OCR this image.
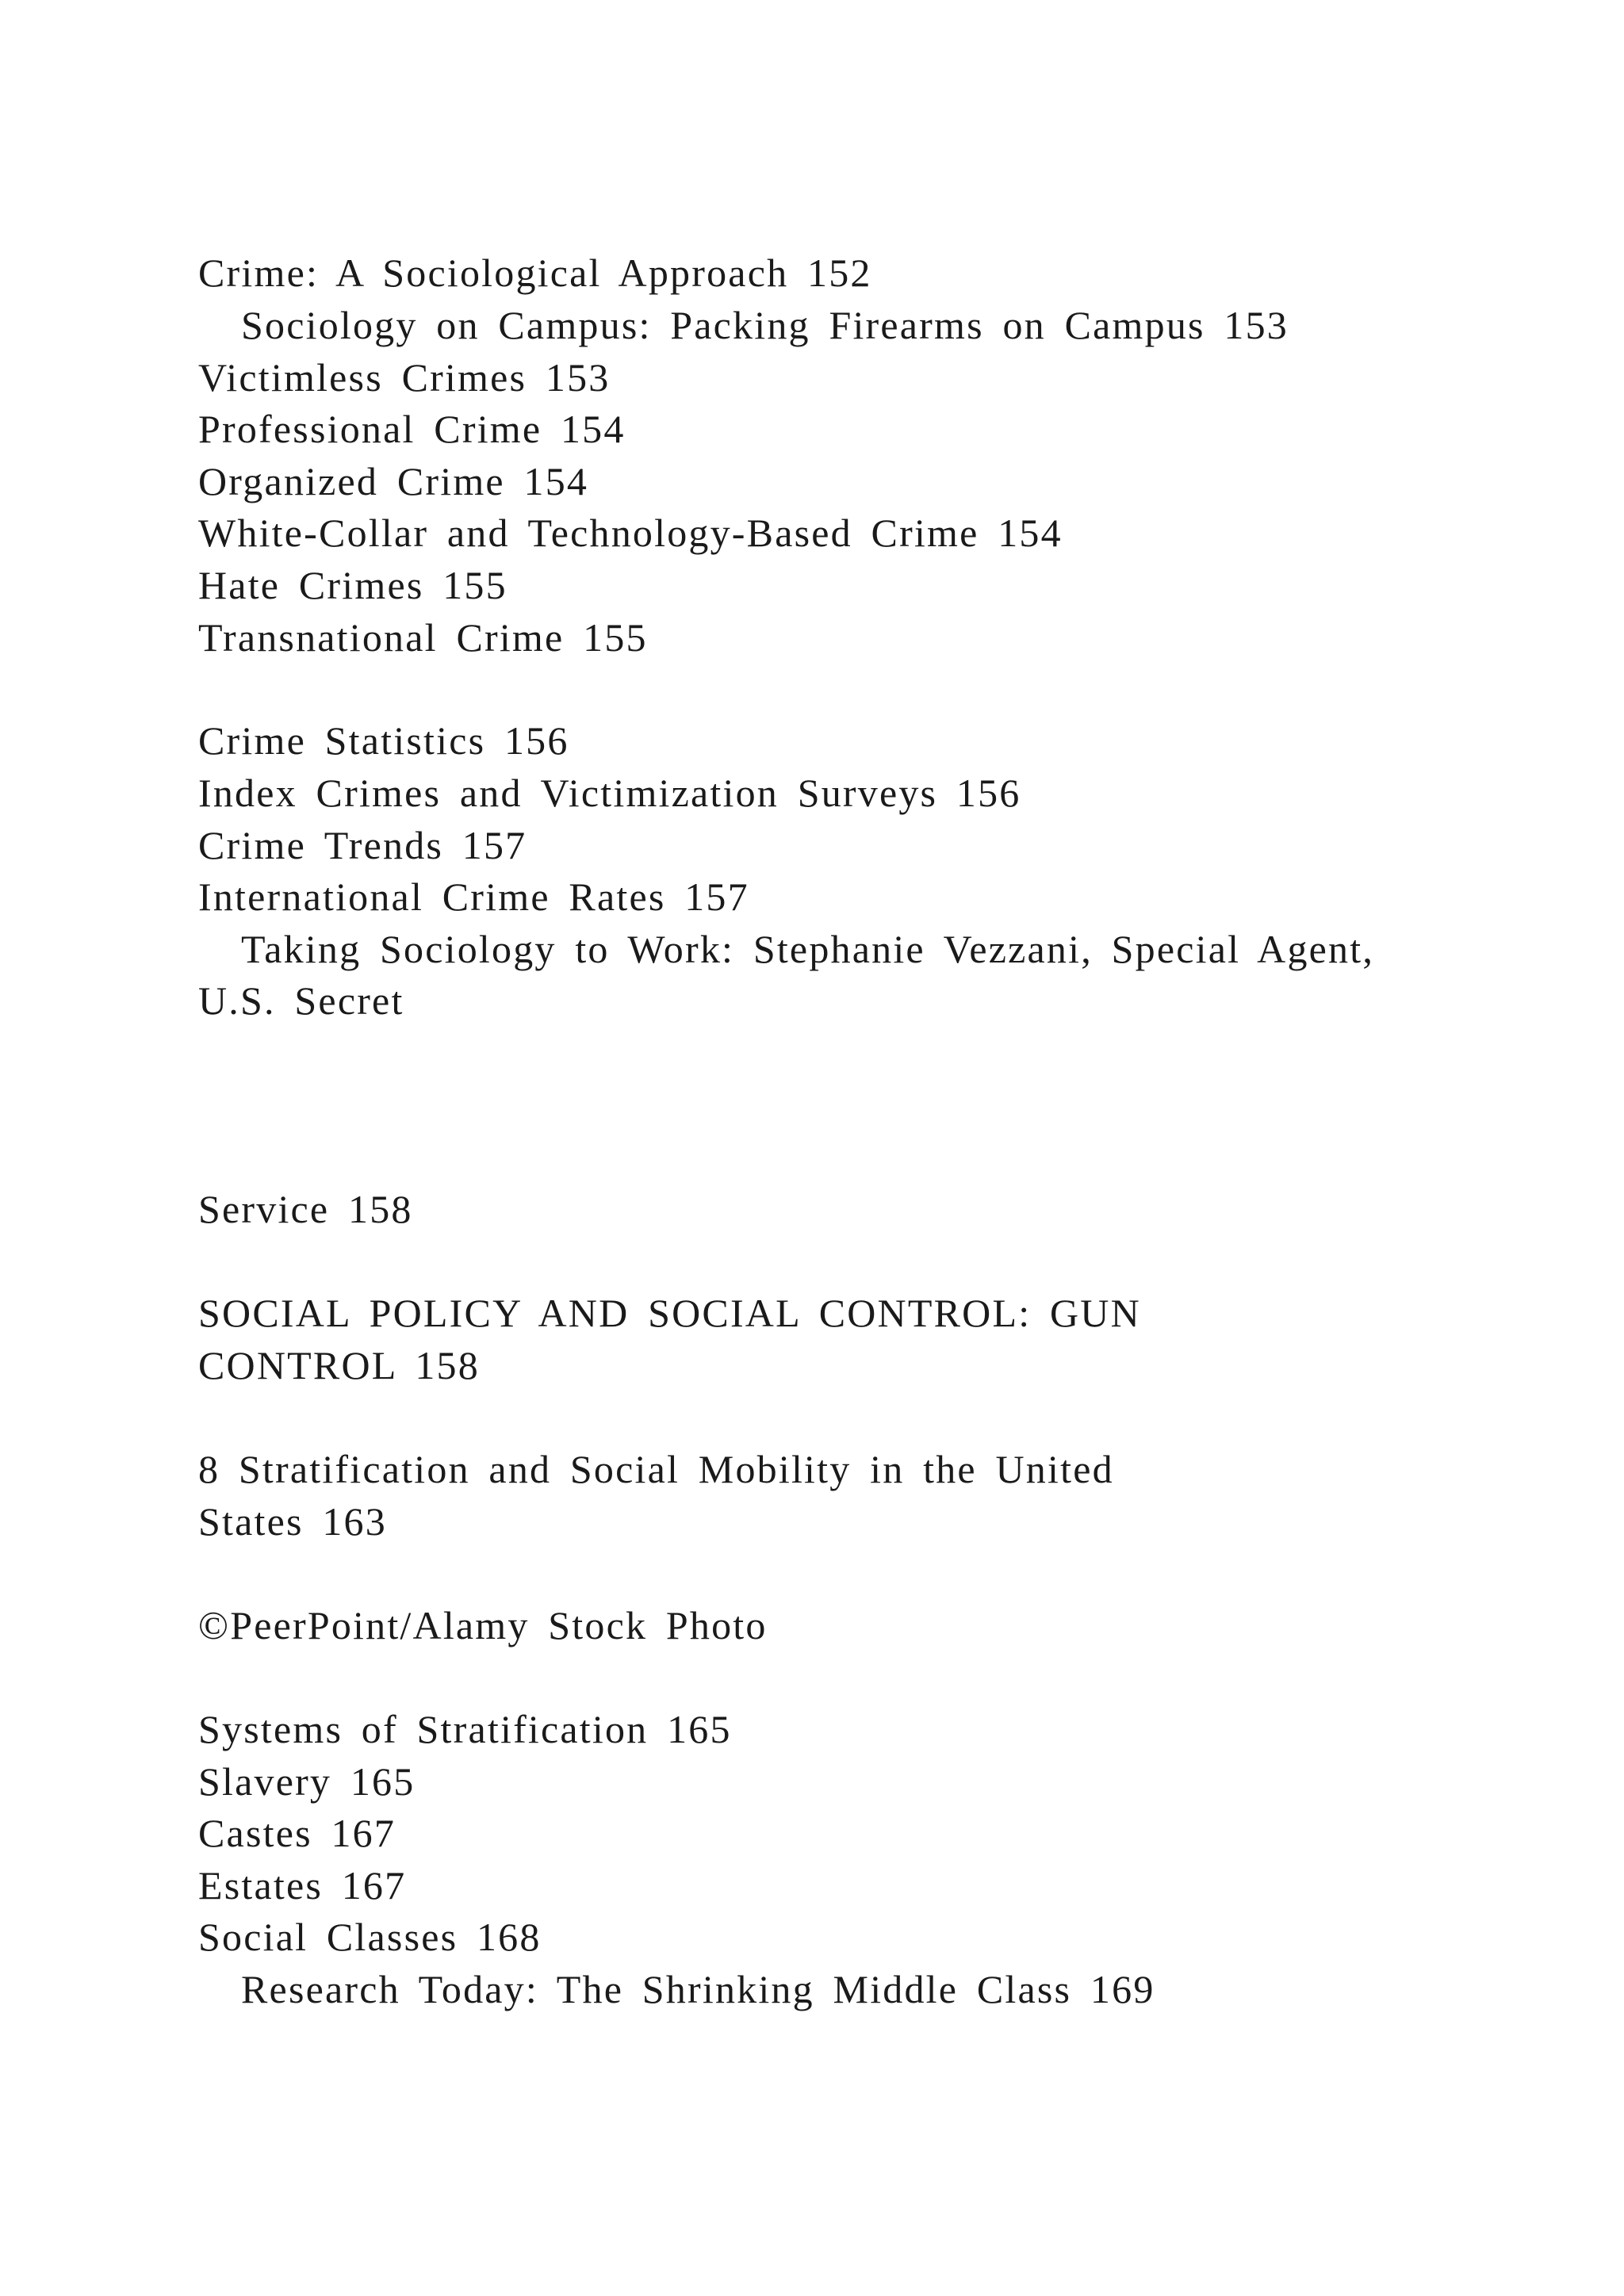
Crime: A Sociological Approach 152
Sociology on Campus: Packing Firearms on Campus 153
Victimless Crimes 153
Professional Crime 154
Organized Crime 154
White-Collar and Technology-Based Crime 154
Hate Crimes 155
Transnational Crime 155
Crime Statistics 156
Index Crimes and Victimization Surveys 156
Crime Trends 157
International Crime Rates 157
Taking Sociology to Work: Stephanie Vezzani, Special Agent,
U.S. Secret
Service 158
SOCIAL POLICY AND SOCIAL CONTROL: GUN
CONTROL 158
8 Stratification and Social Mobility in the United
States 163
©PeerPoint/Alamy Stock Photo
Systems of Stratification 165
Slavery 165
Castes 167
Estates 167
Social Classes 168
Research Today: The Shrinking Middle Class 169
